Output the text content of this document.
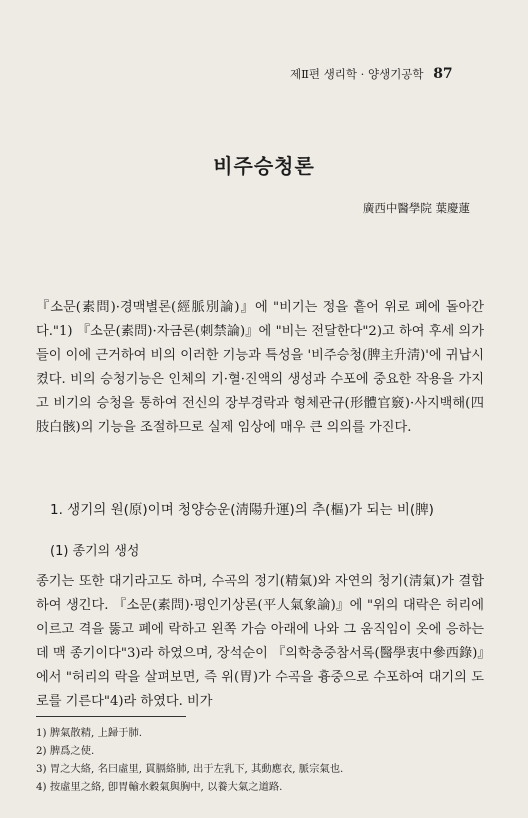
제Ⅱ편 생리학 · 양생기공학 87
비주승청론
廣西中醫學院 葉慶蓮
『소문(素問)·경맥별론(經脈別論)』에 "비기는 정을 흩어 위로 폐에 돌아간다."1) 『소문(素問)·자금론(刺禁論)』에 "비는 전달한다"2)고 하여 후세 의가들이 이에 근거하여 비의 이러한 기능과 특성을 '비주승청(脾主升淸)'에 귀납시켰다. 비의 승청기능은 인체의 기·혈·진액의 생성과 수포에 중요한 작용을 가지고 비기의 승청을 통하여 전신의 장부경락과 형체관규(形體官竅)·사지백해(四肢白骸)의 기능을 조절하므로 실제 임상에 매우 큰 의의를 가진다.
1. 생기의 원(原)이며 청양승운(淸陽升運)의 추(樞)가 되는 비(脾)
(1) 종기의 생성
종기는 또한 대기라고도 하며, 수곡의 정기(精氣)와 자연의 청기(淸氣)가 결합하여 생긴다. 『소문(素問)·평인기상론(平人氣象論)』에 "위의 대락은 허리에 이르고 격을 뚫고 폐에 락하고 왼쪽 가슴 아래에 나와 그 움직임이 옷에 응하는데 맥 종기이다"3)라 하였으며, 장석순이 『의학충중참서록(醫學衷中參西錄)』에서 "허리의 락을 살펴보면, 즉 위(胃)가 수곡을 흉중으로 수포하여 대기의 도로를 기른다"4)라 하였다. 비가
1) 脾氣散精, 上歸于肺.
2) 脾爲之使.
3) 胃之大絡, 名曰虛里, 貫膈絡肺, 出于左乳下, 其動應衣, 脈宗氣也.
4) 按虛里之絡, 卽胃輸水穀氣與胸中, 以養大氣之道路.
